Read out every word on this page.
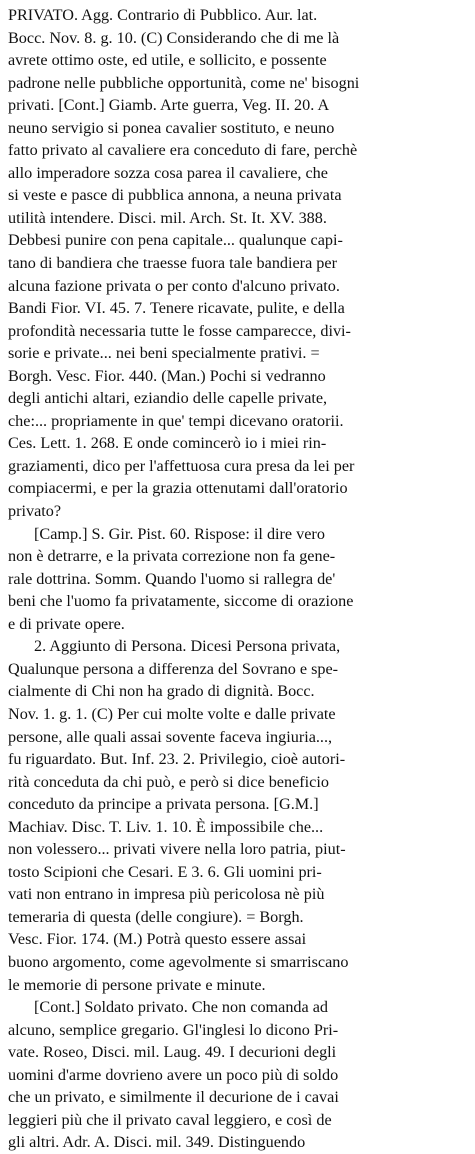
PRIVATO. Agg. Contrario di Pubblico. Aur. lat.
Bocc. Nov. 8. g. 10. (C) Considerando che di me là
avrete ottimo oste, ed utile, e sollicito, e possente
padrone nelle pubbliche opportunità, come ne' bisogni
privati. [Cont.] Giamb. Arte guerra, Veg. II. 20. A
neuno servigio si ponea cavalier sostituto, e neuno
fatto privato al cavaliere era conceduto di fare, perchè
allo imperadore sozza cosa parea il cavaliere, che
si veste e pasce di pubblica annona, a neuna privata
utilità intendere. Disci. mil. Arch. St. It. XV. 388.
Debbesi punire con pena capitale... qualunque capi-
tano di bandiera che traesse fuora tale bandiera per
alcuna fazione privata o per conto d'alcuno privato.
Bandi Fior. VI. 45. 7. Tenere ricavate, pulite, e della
profondità necessaria tutte le fosse camparecce, divi-
sorie e private... nei beni specialmente prativi. =
Borgh. Vesc. Fior. 440. (Man.) Pochi si vedranno
degli antichi altari, eziandio delle capelle private,
che:... propriamente in que' tempi dicevano oratorii.
Ces. Lett. 1. 268. E onde comincerò io i miei rin-
graziamenti, dico per l'affettuosa cura presa da lei per
compiacermi, e per la grazia ottenutami dall'oratorio
privato?
[Camp.] S. Gir. Pist. 60. Rispose: il dire vero
non è detrarre, e la privata correzione non fa gene-
rale dottrina. Somm. Quando l'uomo si rallegra de'
beni che l'uomo fa privatamente, siccome di orazione
e di private opere.
2. Aggiunto di Persona. Dicesi Persona privata,
Qualunque persona a differenza del Sovrano e spe-
cialmente di Chi non ha grado di dignità. Bocc.
Nov. 1. g. 1. (C) Per cui molte volte e dalle private
persone, alle quali assai sovente faceva ingiuria...,
fu riguardato. But. Inf. 23. 2. Privilegio, cioè autori-
rità conceduta da chi può, e però si dice beneficio
conceduto da principe a privata persona. [G.M.]
Machiav. Disc. T. Liv. 1. 10. È impossibile che...
non volessero... privati vivere nella loro patria, piut-
tosto Scipioni che Cesari. E 3. 6. Gli uomini pri-
vati non entrano in impresa più pericolosa nè più
temeraria di questa (delle congiure). = Borgh.
Vesc. Fior. 174. (M.) Potrà questo essere assai
buono argomento, come agevolmente si smarriscano
le memorie di persone private e minute.
[Cont.] Soldato privato. Che non comanda ad
alcuno, semplice gregario. Gl'inglesi lo dicono Pri-
vate. Roseo, Disci. mil. Laug. 49. I decurioni degli
uomini d'arme dovrieno avere un poco più di soldo
che un privato, e similmente il decurione de i cavai
leggieri più che il privato caval leggiero, e così de
gli altri. Adr. A. Disci. mil. 349. Distinguendo
